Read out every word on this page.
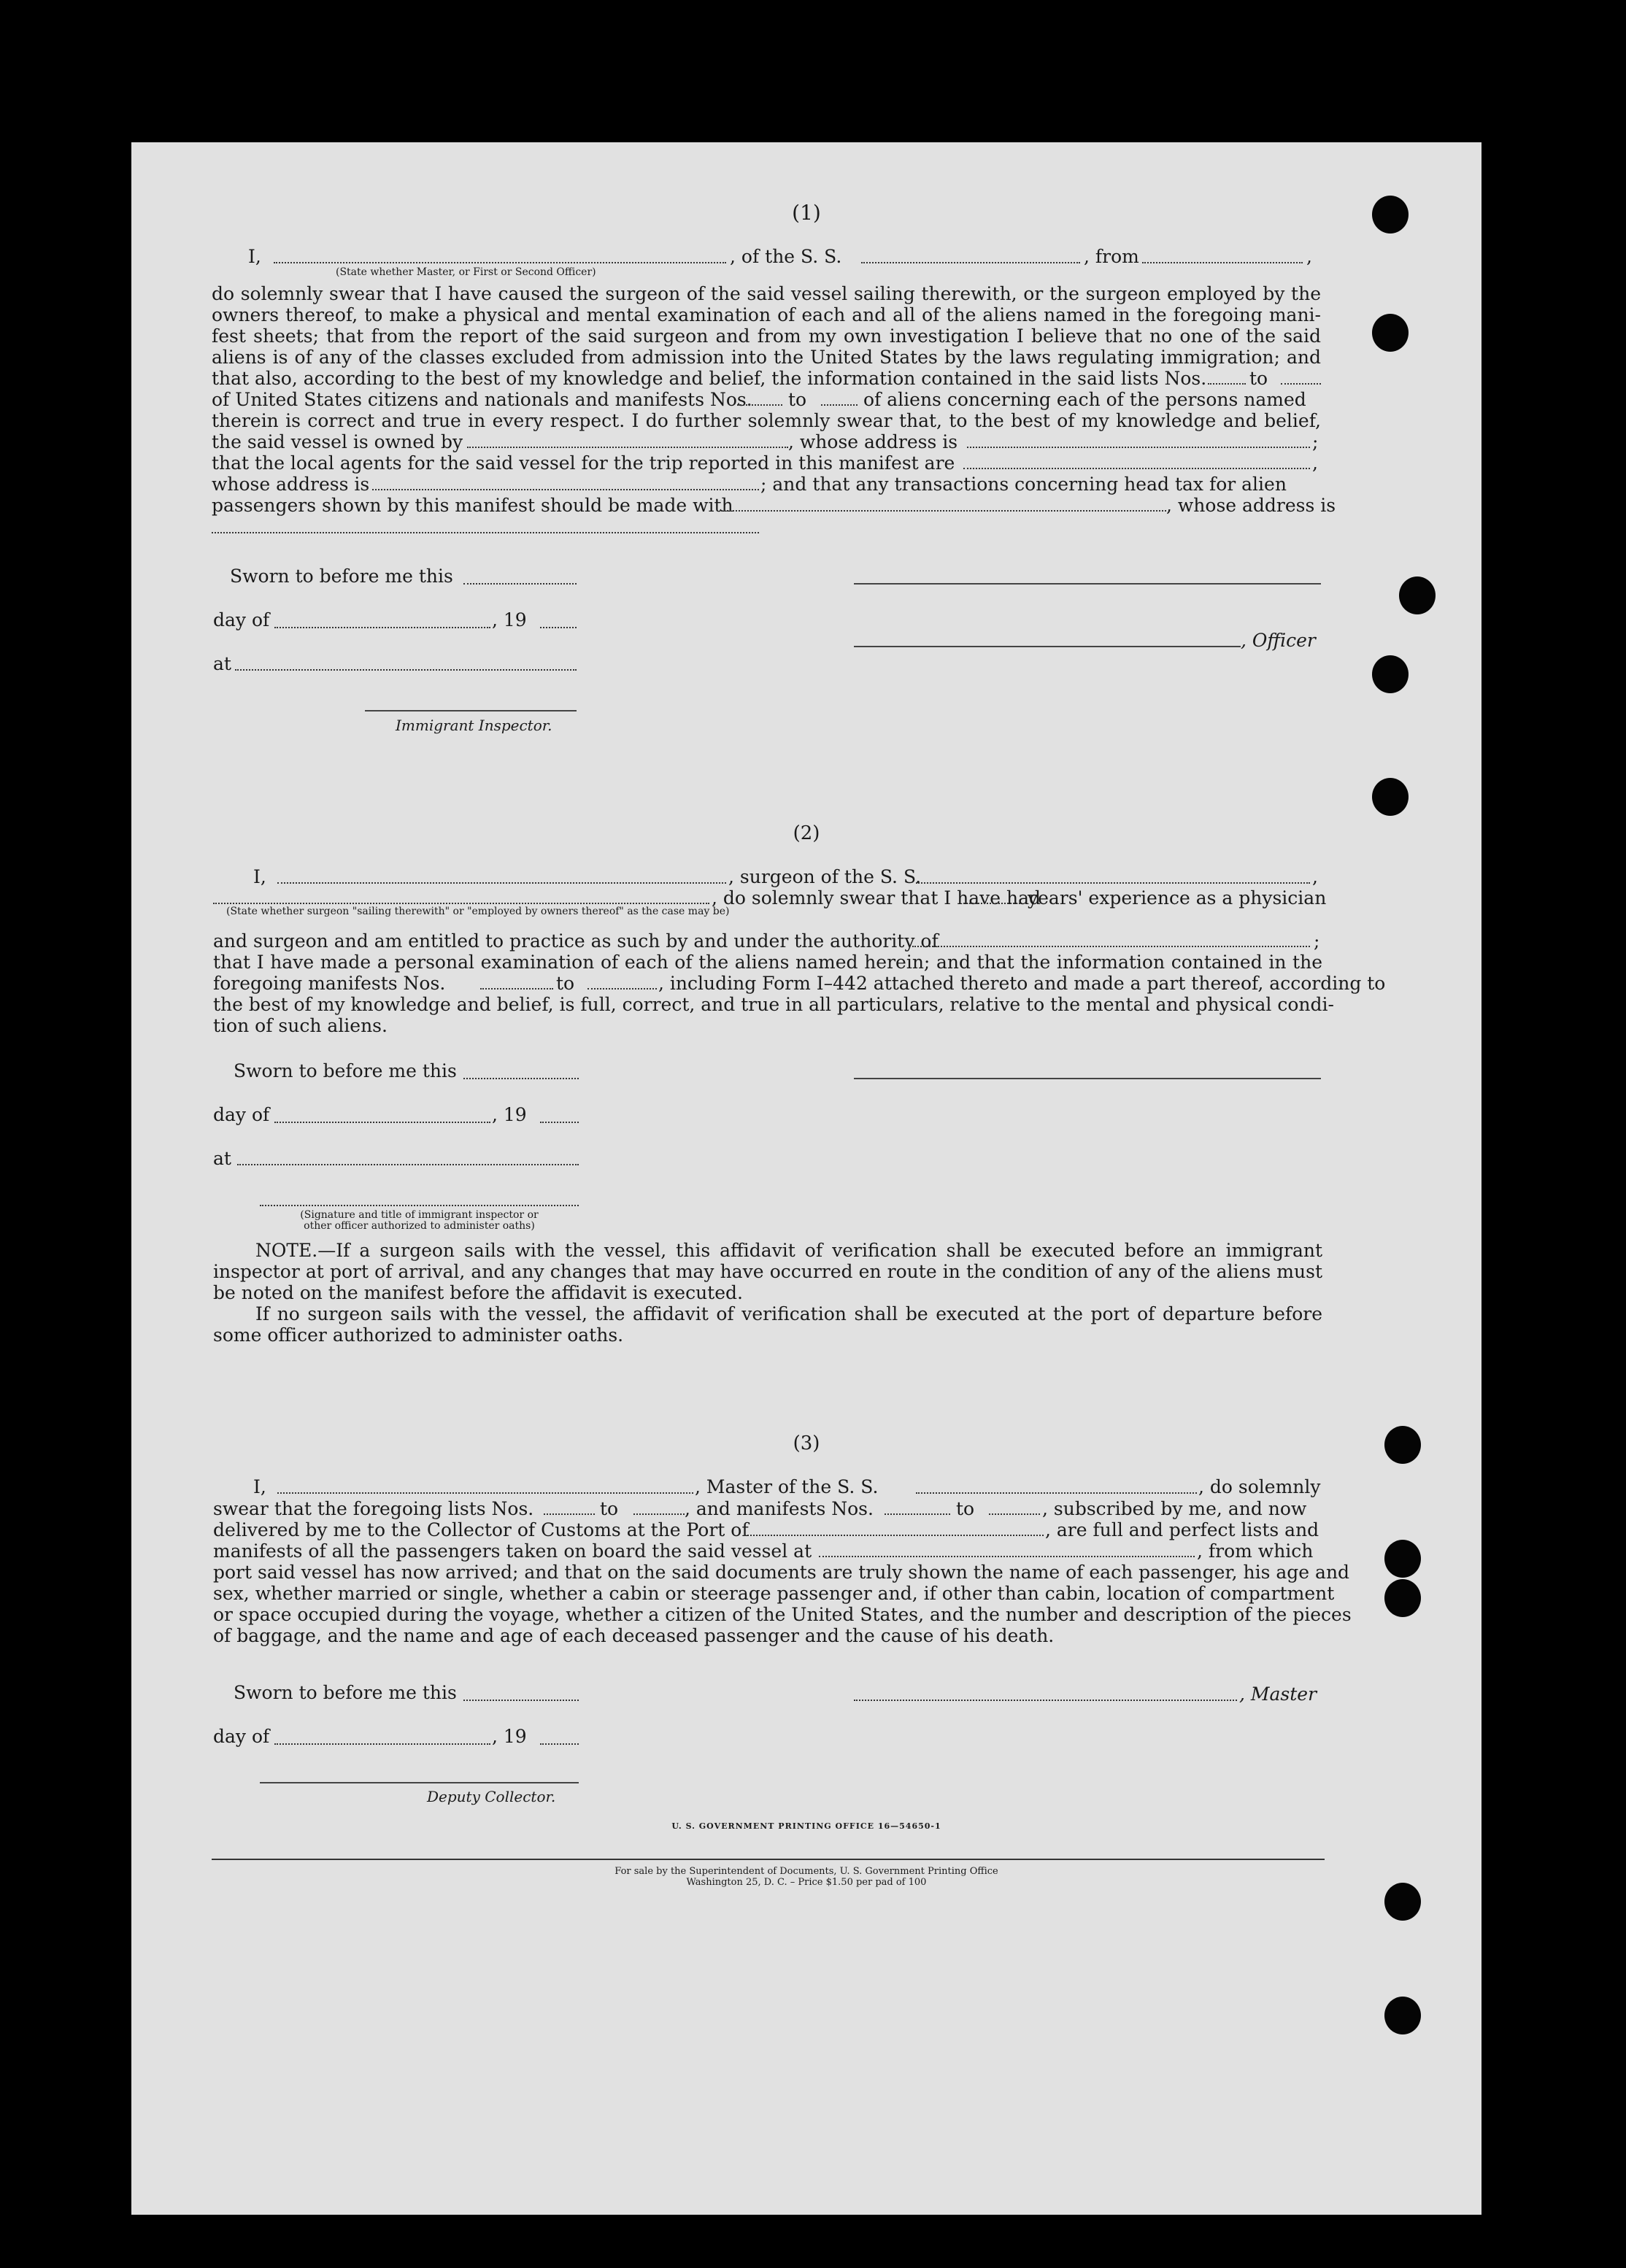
(1)
I,	, of the S. S.	, from	,
(State whether Master, or First or Second Officer)
do solemnly swear that I have caused the surgeon of the said vessel sailing therewith, or the surgeon employed by the
owners thereof, to make a physical and mental examination of each and all of the aliens named in the foregoing mani-
fest sheets; that from the report of the said surgeon and from my own investigation I believe that no one of the said
aliens is of any of the classes excluded from admission into the United States by the laws regulating immigration; and
that also, according to the best of my knowledge and belief, the information contained in the said lists Nos. to
of United States citizens and nationals and manifests Nos. to	of aliens concerning each of the persons named
therein is correct and true in every respect. I do further solemnly swear that, to the best of my knowledge and belief,
the said vessel is owned by	, whose address is	;
that the local agents for the said vessel for the trip reported in this manifest are	,
whose address is	; and that any transactions concerning head tax for alien
passengers shown by this manifest should be made with	, whose address is
Sworn to before me this
day of	, 19
, Officer
at
Immigrant Inspector.
(2)
I,	, surgeon of the S. S.	,
, do solemnly swear that I have had
years' experience as a physician
(State whether surgeon "sailing therewith" or "employed by owners thereof" as the case may be)
and surgeon and am entitled to practice as such by and under the authority of	;
that I have made a personal examination of each of the aliens named herein; and that the information contained in the
foregoing manifests Nos.	to	, including Form I–442 attached thereto and made a part thereof, according to
the best of my knowledge and belief, is full, correct, and true in all particulars, relative to the mental and physical condi-
tion of such aliens.
Sworn to before me this
day of	, 19
at
(Signature and title of immigrant inspector or
other officer authorized to administer oaths)
NOTE.—If a surgeon sails with the vessel, this affidavit of verification shall be executed before an immigrant
inspector at port of arrival, and any changes that may have occurred en route in the condition of any of the aliens must
be noted on the manifest before the affidavit is executed.
If no surgeon sails with the vessel, the affidavit of verification shall be executed at the port of departure before
some officer authorized to administer oaths.
(3)
I,	, Master of the S. S.	, do solemnly
swear that the foregoing lists Nos.	to	, and manifests Nos.	to	, subscribed by me, and now
delivered by me to the Collector of Customs at the Port of	, are full and perfect lists and
manifests of all the passengers taken on board the said vessel at	, from which
port said vessel has now arrived; and that on the said documents are truly shown the name of each passenger, his age and
sex, whether married or single, whether a cabin or steerage passenger and, if other than cabin, location of compartment
or space occupied during the voyage, whether a citizen of the United States, and the number and description of the pieces
of baggage, and the name and age of each deceased passenger and the cause of his death.
Sworn to before me this	, Master
day of	, 19
Deputy Collector.
U. S. GOVERNMENT PRINTING OFFICE 16—54650-1
For sale by the Superintendent of Documents, U. S. Government Printing Office
Washington 25, D. C. – Price $1.50 per pad of 100
